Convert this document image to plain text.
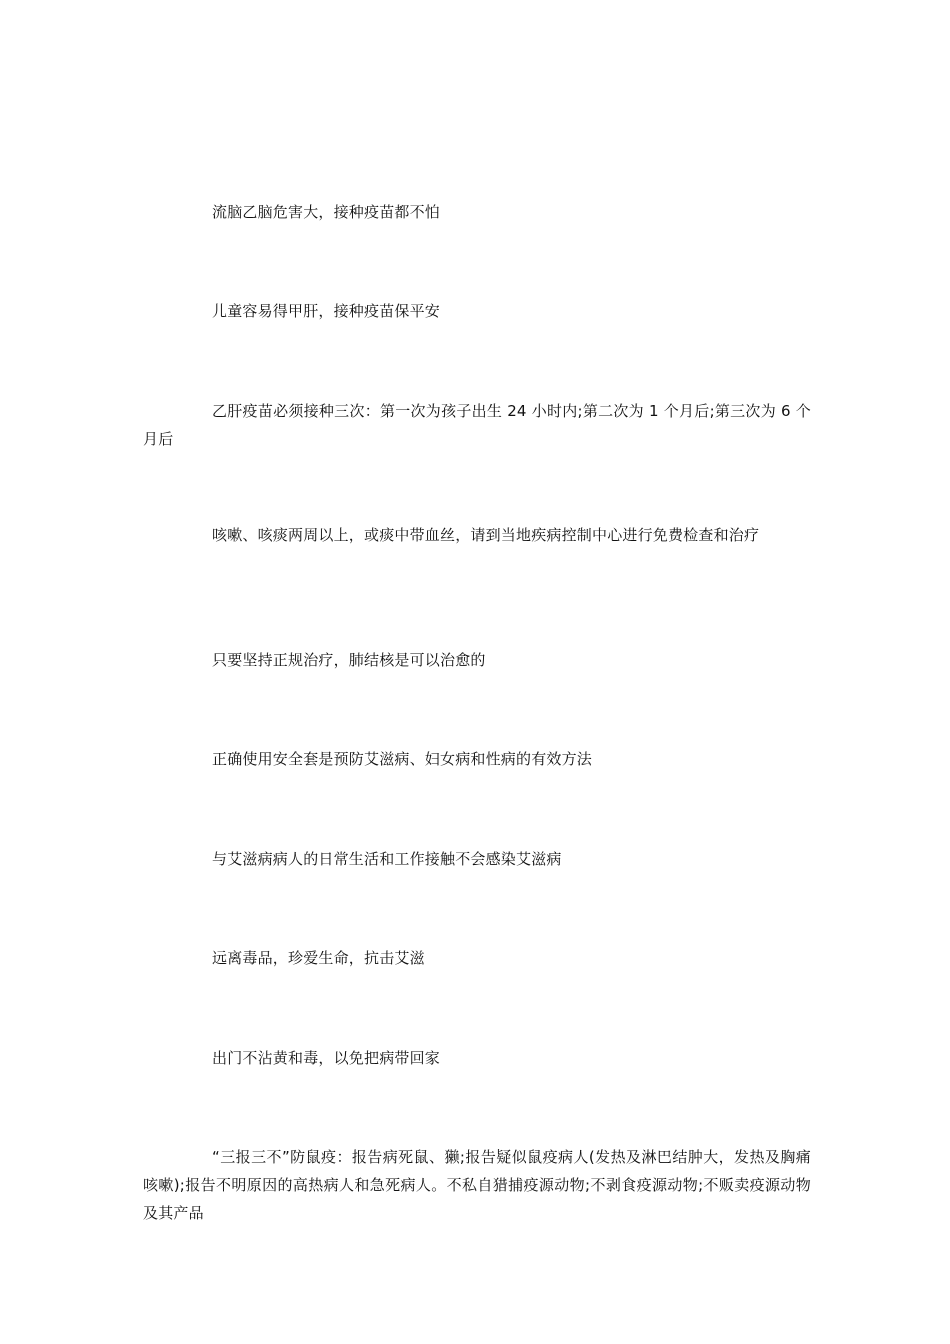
流脑乙脑危害大，接种疫苗都不怕

儿童容易得甲肝，接种疫苗保平安

乙肝疫苗必须接种三次：第一次为孩子出生 24 小时内;第二次为 1 个月后;第三次为 6 个月后

咳嗽、咳痰两周以上，或痰中带血丝，请到当地疾病控制中心进行免费检查和治疗

只要坚持正规治疗，肺结核是可以治愈的

正确使用安全套是预防艾滋病、妇女病和性病的有效方法

与艾滋病病人的日常生活和工作接触不会感染艾滋病

远离毒品，珍爱生命，抗击艾滋

出门不沾黄和毒，以免把病带回家

“三报三不”防鼠疫：报告病死鼠、獭;报告疑似鼠疫病人(发热及淋巴结肿大，发热及胸痛咳嗽);报告不明原因的高热病人和急死病人。不私自猎捕疫源动物;不剥食疫源动物;不贩卖疫源动物及其产品
